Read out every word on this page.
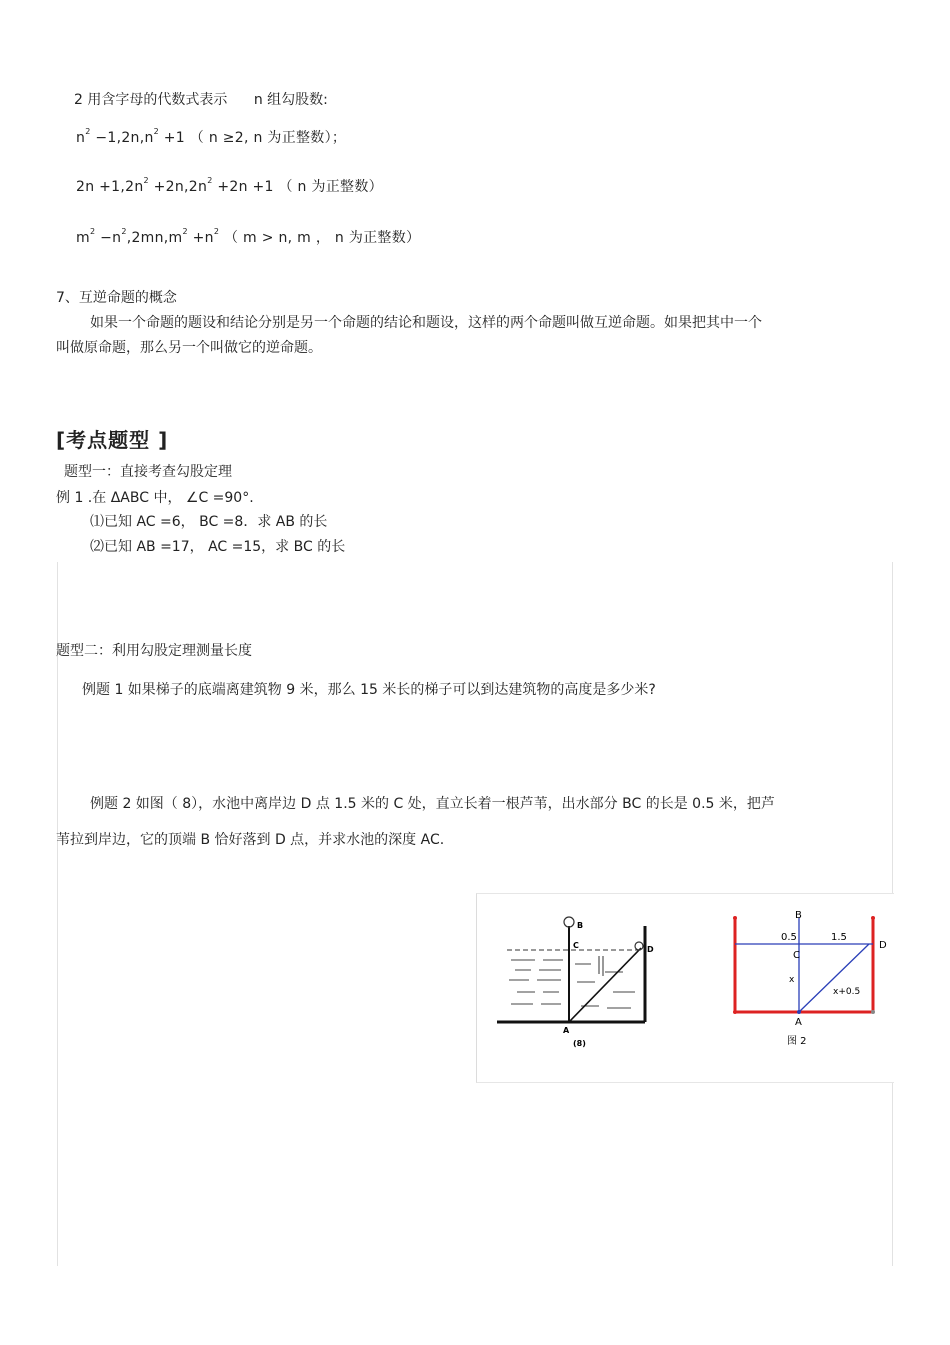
2 用含字母的代数式表示 n 组勾股数:
$n^2 -1,2n,n^2 +1$ （ n ≥2, n 为正整数）；
$2n +1,2n^2 +2n,2n^2 +2n +1$ （ n 为正整数）
$m^2 -n^2,2mn,m^2 +n^2$ （ m > n, m ， n 为正整数）
7、互逆命题的概念
如果一个命题的题设和结论分别是另一个命题的结论和题设，这样的两个命题叫做互逆命题。如果把其中一个
叫做原命题，那么另一个叫做它的逆命题。
[考点题型 ]
题型一：直接考查勾股定理
例 1 .在 ΔABC 中， ∠C =90°.
⑴已知 AC =6， BC =8．求 AB 的长
⑵已知 AB =17， AC =15，求 BC 的长
题型二：利用勾股定理测量长度
例题 1 如果梯子的底端离建筑物 9 米，那么 15 米长的梯子可以到达建筑物的高度是多少米?
例题 2 如图（ 8），水池中离岸边 D 点 1.5 米的 C 处，直立长着一根芦苇，出水部分 BC 的长是 0.5 米，把芦
苇拉到岸边，它的顶端 B 恰好落到 D 点，并求水池的深度 AC.
B
C	D
A
(8)
B
0.5	1.5
D
C
x
x+0.5
A
图 2
